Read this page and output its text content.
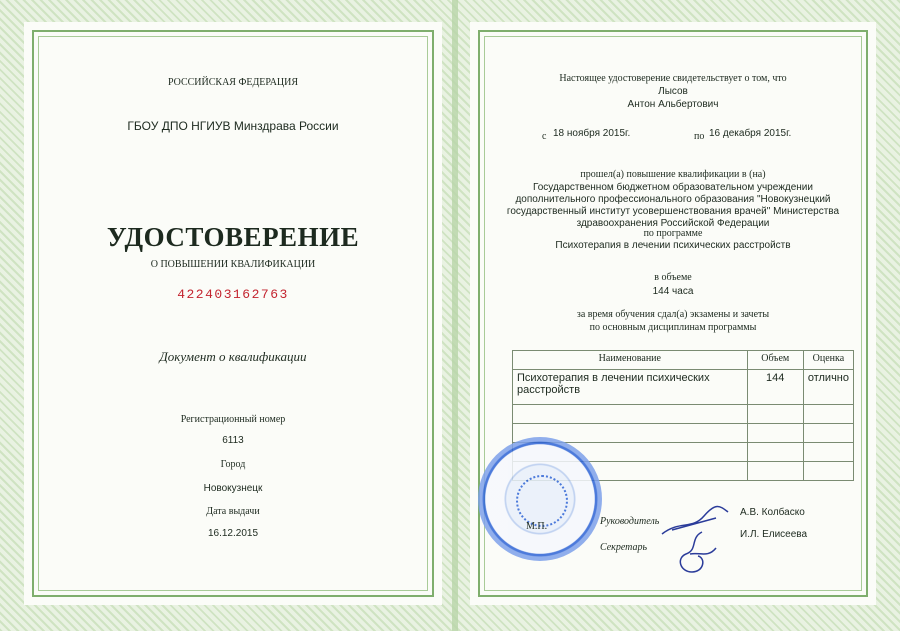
РОССИЙСКАЯ ФЕДЕРАЦИЯ
ГБОУ ДПО НГИУВ Минздрава России
УДОСТОВЕРЕНИЕ
О ПОВЫШЕНИИ КВАЛИФИКАЦИИ
422403162763
Документ о квалификации
Регистрационный номер
6113
Город
Новокузнецк
Дата выдачи
16.12.2015
Настоящее удостоверение свидетельствует о том, что
Лысов
Антон Альбертович
с 18 ноября 2015г.	по 16 декабря 2015г.
прошел(а) повышение квалификации в (на)
Государственном бюджетном образовательном учреждении
дополнительного профессионального образования "Новокузнецкий
государственный институт усовершенствования врачей" Министерства
здравоохранения Российской Федерации
по программе
Психотерапия в лечении психических расстройств
в объеме
144 часа
за время обучения сдал(а) экзамены и зачеты
по основным дисциплинам программы
Наименование	Объем	Оценка
Психотерапия в лечении психических расстройств	144	отлично

М.П.	Руководитель
А.В. Колбаско
Секретарь
И.Л. Елисеева
